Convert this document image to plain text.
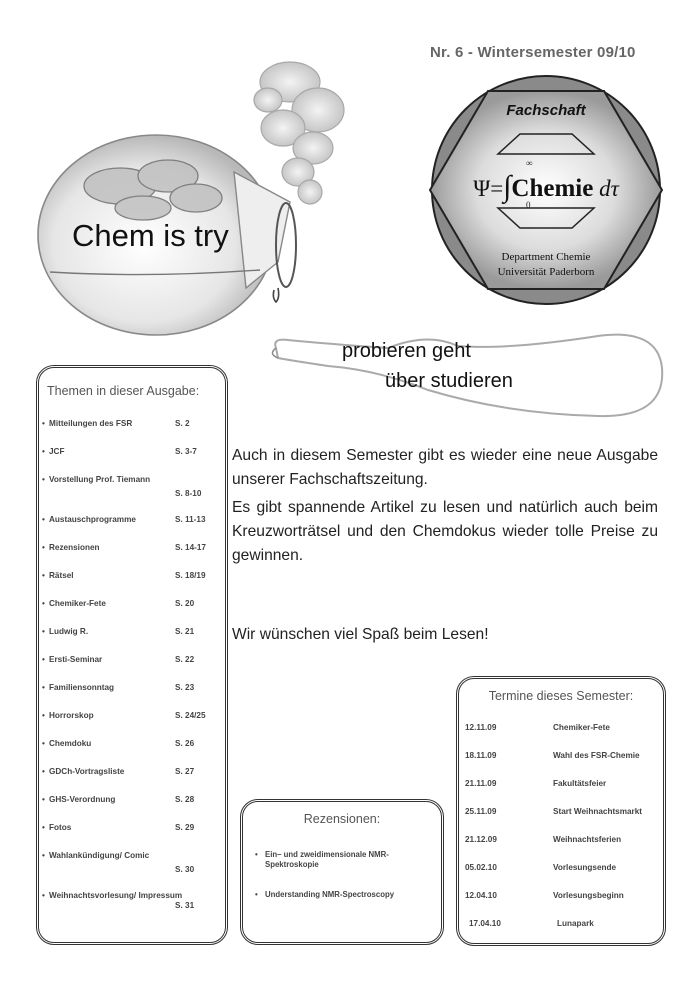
Nr. 6 - Wintersemester 09/10
Chem is try
Fachschaft
Ψ=∫Chemie dτ
∞
0
Department Chemie
Universität Paderborn
probieren geht
über studieren
Themen in dieser Ausgabe:
• Mitteilungen des FSR	S. 2
• JCF	S. 3-7
• Vorstellung Prof. Tiemann
S. 8-10
• Austauschprogramme	S. 11-13
• Rezensionen	S. 14-17
• Rätsel	S. 18/19
• Chemiker-Fete	S. 20
• Ludwig R.	S. 21
• Ersti-Seminar	S. 22
• Familiensonntag	S. 23
• Horrorskop	S. 24/25
• Chemdoku	S. 26
• GDCh-Vortragsliste	S. 27
• GHS-Verordnung	S. 28
• Fotos	S. 29
• Wahlankündigung/ Comic
S. 30
• Weihnachtsvorlesung/ Impressum
S. 31

Auch in diesem Semester gibt es wieder eine neue Ausgabe unserer Fachschaftszeitung.

Es gibt spannende Artikel zu lesen und natürlich auch beim Kreuzworträtsel und den Chemdokus wieder tolle Preise zu gewinnen.

Wir wünschen viel Spaß beim Lesen!
Rezensionen:
• Ein– und zweidimensionale NMR-Spektroskopie
• Understanding NMR-Spectroscopy
Termine dieses Semester:
12.11.09	Chemiker-Fete
18.11.09	Wahl des FSR-Chemie
21.11.09	Fakultätsfeier
25.11.09	Start Weihnachtsmarkt
21.12.09	Weihnachtsferien
05.02.10	Vorlesungsende
12.04.10	Vorlesungsbeginn
17.04.10	Lunapark
